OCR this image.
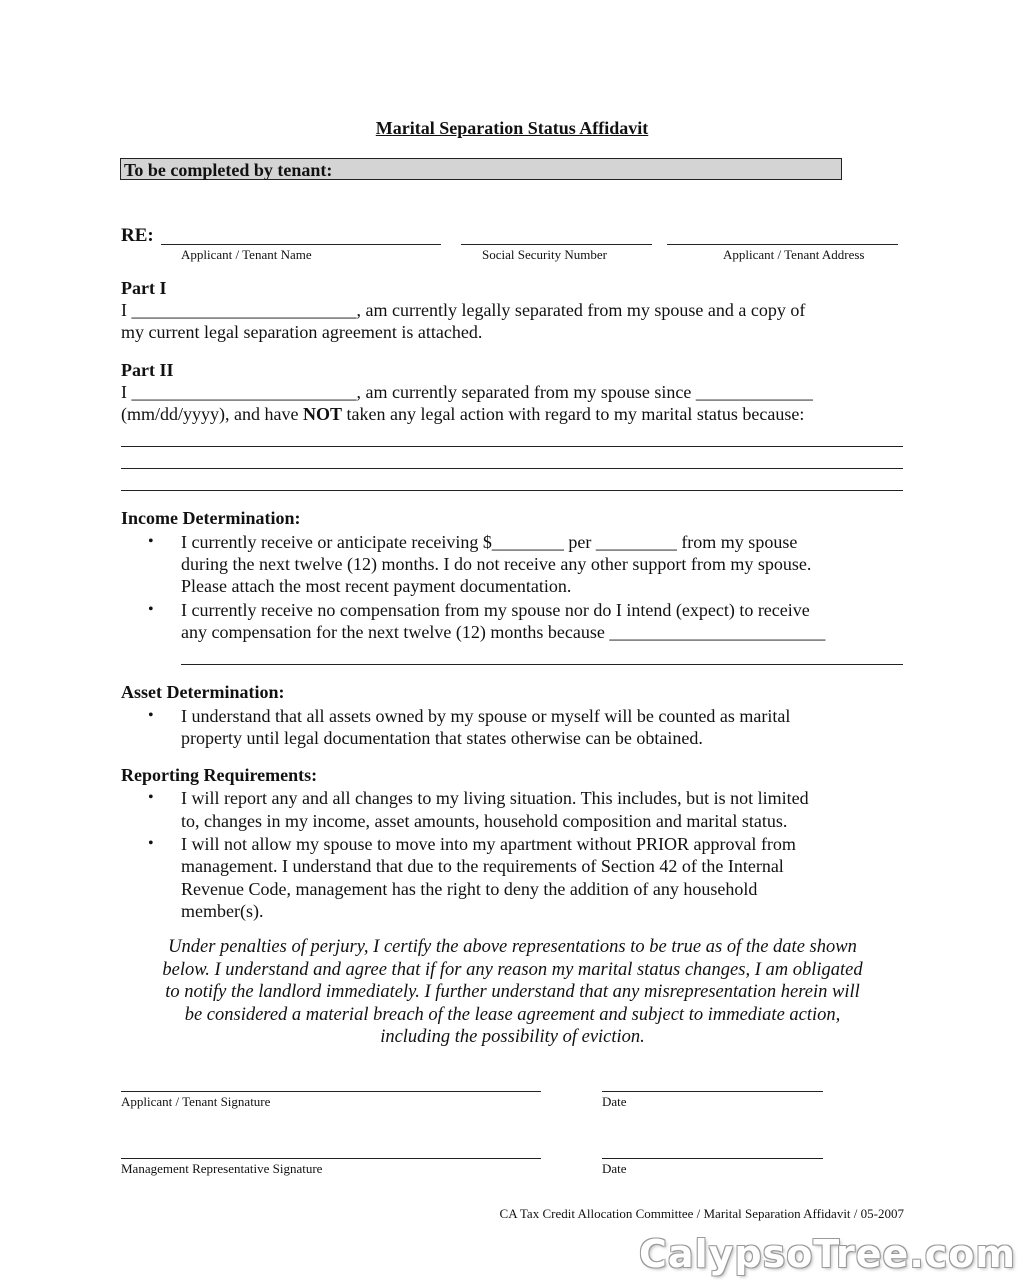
Marital Separation Status Affidavit
To be completed by tenant:
RE:
Applicant / Tenant Name	Social Security Number	Applicant / Tenant Address
Part I
I _________________________, am currently legally separated from my spouse and a copy of
my current legal separation agreement is attached.
Part II
I _________________________, am currently separated from my spouse since _____________
(mm/dd/yyyy), and have NOT taken any legal action with regard to my marital status because:
Income Determination:
• I currently receive or anticipate receiving $________ per _________ from my spouse
during the next twelve (12) months. I do not receive any other support from my spouse.
Please attach the most recent payment documentation.
• I currently receive no compensation from my spouse nor do I intend (expect) to receive
any compensation for the next twelve (12) months because ________________________
Asset Determination:
• I understand that all assets owned by my spouse or myself will be counted as marital
property until legal documentation that states otherwise can be obtained.
Reporting Requirements:
• I will report any and all changes to my living situation. This includes, but is not limited
to, changes in my income, asset amounts, household composition and marital status.
• I will not allow my spouse to move into my apartment without PRIOR approval from
management. I understand that due to the requirements of Section 42 of the Internal
Revenue Code, management has the right to deny the addition of any household
member(s).
Under penalties of perjury, I certify the above representations to be true as of the date shown
below. I understand and agree that if for any reason my marital status changes, I am obligated
to notify the landlord immediately. I further understand that any misrepresentation herein will
be considered a material breach of the lease agreement and subject to immediate action,
including the possibility of eviction.
Applicant / Tenant Signature	Date
Management Representative Signature	Date
CA Tax Credit Allocation Committee / Marital Separation Affidavit / 05-2007
CalypsoTree.com
